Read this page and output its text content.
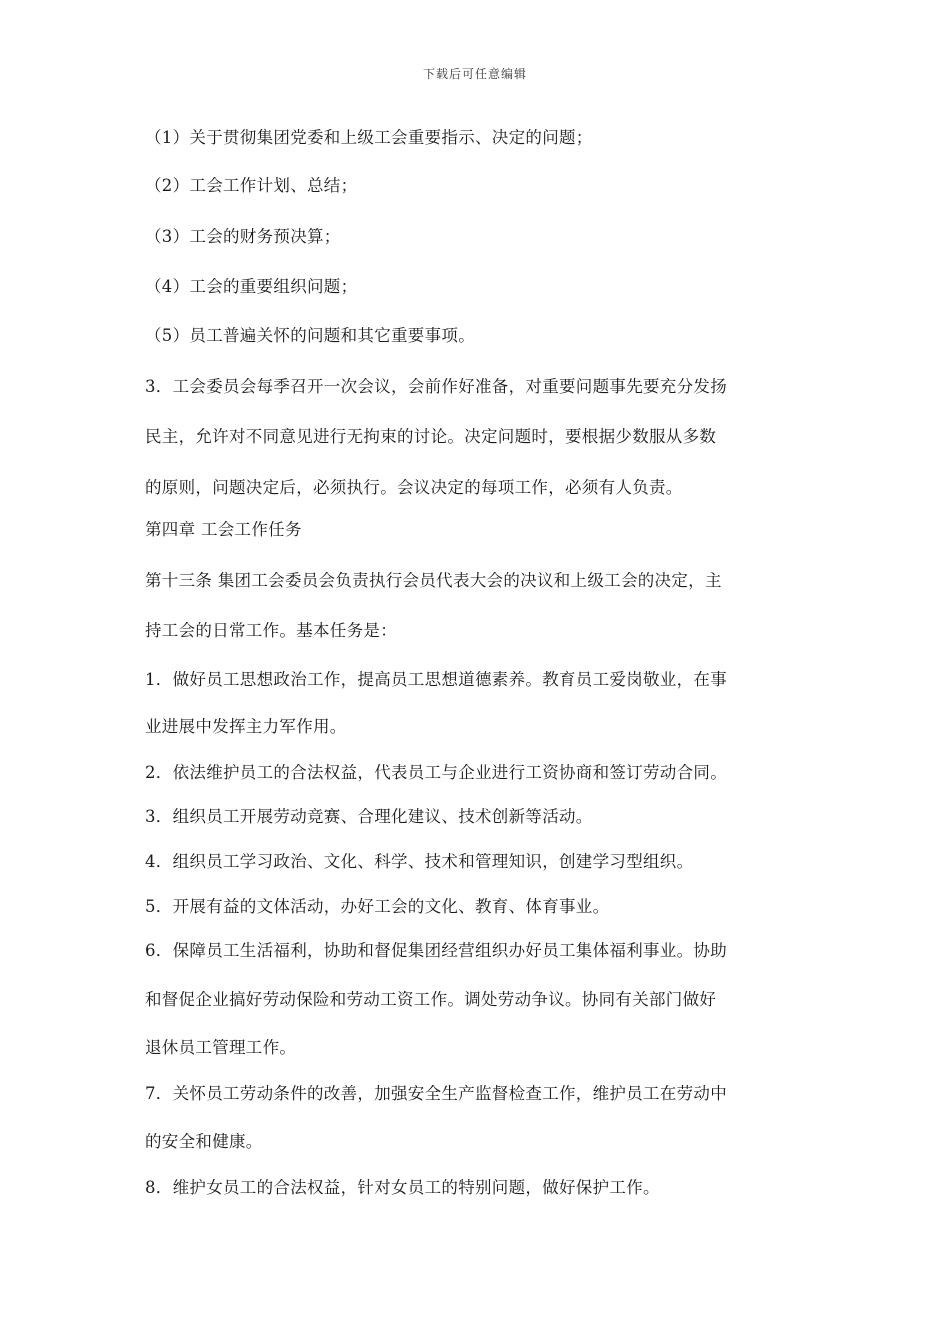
下载后可任意编辑
（1）关于贯彻集团党委和上级工会重要指示、决定的问题；
（2）工会工作计划、总结；
（3）工会的财务预决算；
（4）工会的重要组织问题；
（5）员工普遍关怀的问题和其它重要事项。
3．工会委员会每季召开一次会议，会前作好准备，对重要问题事先要充分发扬
民主，允许对不同意见进行无拘束的讨论。决定问题时，要根据少数服从多数
的原则，问题决定后，必须执行。会议决定的每项工作，必须有人负责。
第四章 工会工作任务
第十三条 集团工会委员会负责执行会员代表大会的决议和上级工会的决定，主
持工会的日常工作。基本任务是：
1．做好员工思想政治工作，提高员工思想道德素养。教育员工爱岗敬业，在事
业进展中发挥主力军作用。
2．依法维护员工的合法权益，代表员工与企业进行工资协商和签订劳动合同。
3．组织员工开展劳动竞赛、合理化建议、技术创新等活动。
4．组织员工学习政治、文化、科学、技术和管理知识，创建学习型组织。
5．开展有益的文体活动，办好工会的文化、教育、体育事业。
6．保障员工生活福利，协助和督促集团经营组织办好员工集体福利事业。协助
和督促企业搞好劳动保险和劳动工资工作。调处劳动争议。协同有关部门做好
退休员工管理工作。
7．关怀员工劳动条件的改善，加强安全生产监督检查工作，维护员工在劳动中
的安全和健康。
8．维护女员工的合法权益，针对女员工的特别问题，做好保护工作。
